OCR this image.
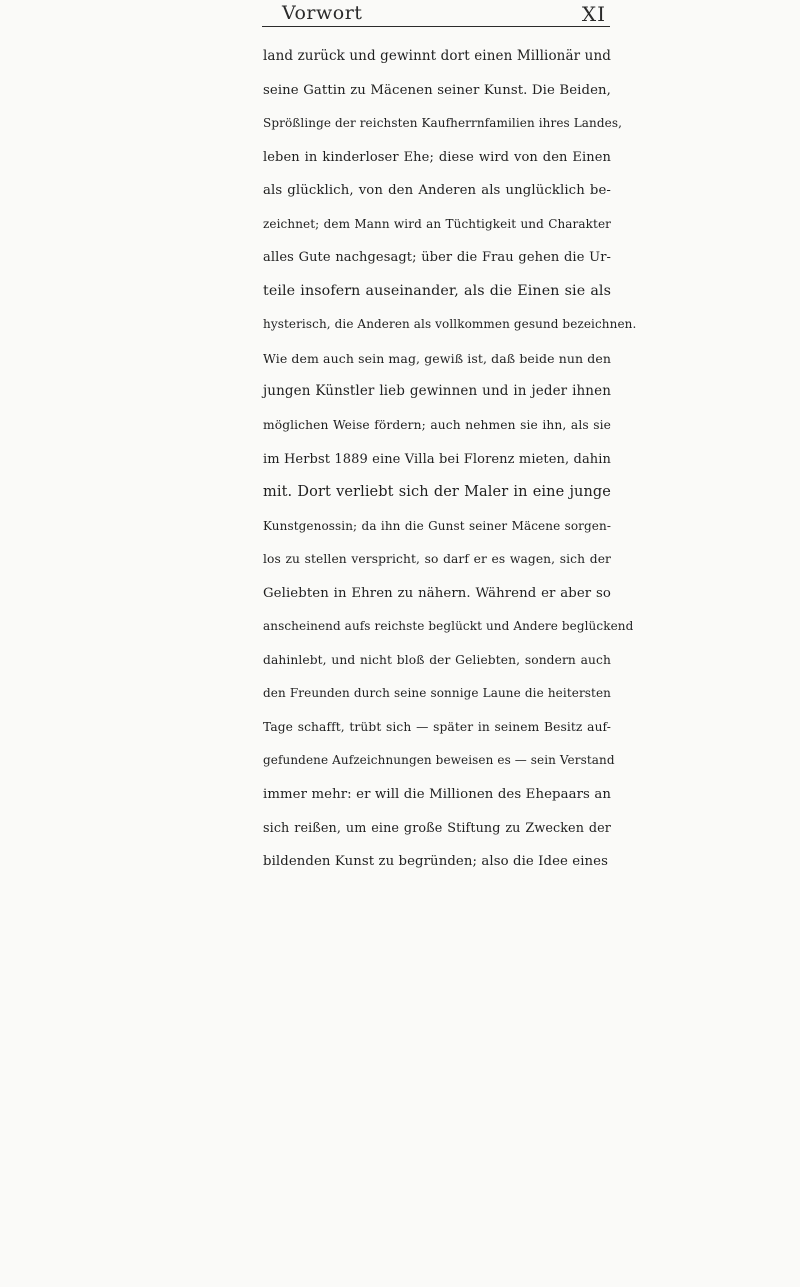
Vorwort	XI
land zurück und gewinnt dort einen Millionär und
seine Gattin zu Mäcenen seiner Kunst. Die Beiden,
Sprößlinge der reichsten Kaufherrnfamilien ihres Landes,
leben in kinderloser Ehe; diese wird von den Einen
als glücklich, von den Anderen als unglücklich be-
zeichnet; dem Mann wird an Tüchtigkeit und Charakter
alles Gute nachgesagt; über die Frau gehen die Ur-
teile insofern auseinander, als die Einen sie als
hysterisch, die Anderen als vollkommen gesund bezeichnen.
Wie dem auch sein mag, gewiß ist, daß beide nun den
jungen Künstler lieb gewinnen und in jeder ihnen
möglichen Weise fördern; auch nehmen sie ihn, als sie
im Herbst 1889 eine Villa bei Florenz mieten, dahin
mit. Dort verliebt sich der Maler in eine junge
Kunstgenossin; da ihn die Gunst seiner Mäcene sorgen-
los zu stellen verspricht, so darf er es wagen, sich der
Geliebten in Ehren zu nähern. Während er aber so
anscheinend aufs reichste beglückt und Andere beglückend
dahinlebt, und nicht bloß der Geliebten, sondern auch
den Freunden durch seine sonnige Laune die heitersten
Tage schafft, trübt sich — später in seinem Besitz auf-
gefundene Aufzeichnungen beweisen es — sein Verstand
immer mehr: er will die Millionen des Ehepaars an
sich reißen, um eine große Stiftung zu Zwecken der
bildenden Kunst zu begründen; also die Idee eines
